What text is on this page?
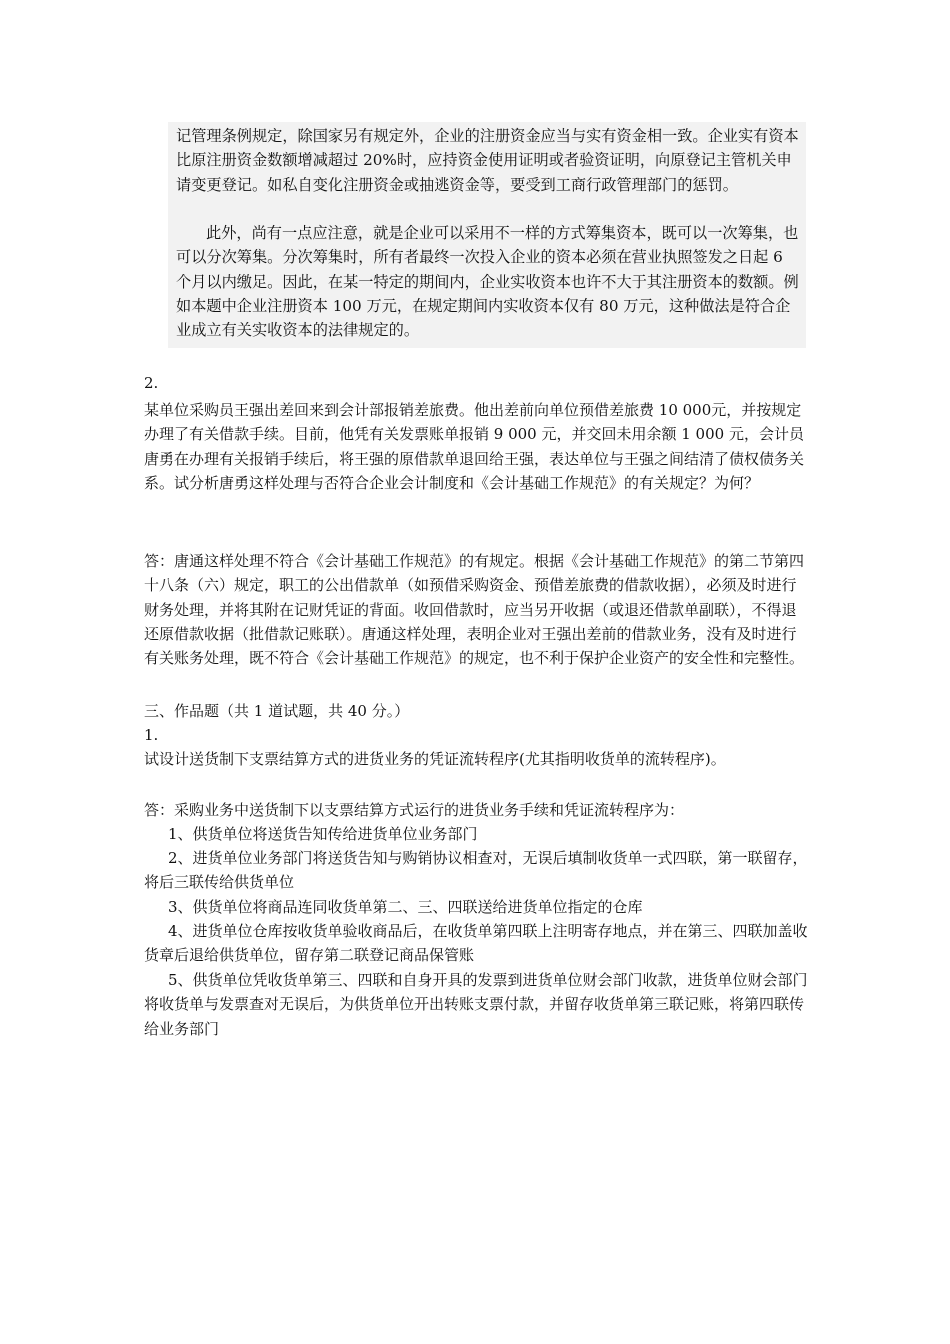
记管理条例规定，除国家另有规定外，企业的注册资金应当与实有资金相一致。企业实有资本比原注册资金数额增减超过 20%时，应持资金使用证明或者验资证明，向原登记主管机关申请变更登记。如私自变化注册资金或抽逃资金等，要受到工商行政管理部门的惩罚。

此外，尚有一点应注意，就是企业可以采用不一样的方式筹集资本，既可以一次筹集，也可以分次筹集。分次筹集时，所有者最终一次投入企业的资本必须在营业执照签发之日起 6 个月以内缴足。因此，在某一特定的期间内，企业实收资本也许不大于其注册资本的数额。例如本题中企业注册资本 100 万元，在规定期间内实收资本仅有 80 万元，这种做法是符合企业成立有关实收资本的法律规定的。

2.

某单位采购员王强出差回来到会计部报销差旅费。他出差前向单位预借差旅费 10 000元，并按规定办理了有关借款手续。目前，他凭有关发票账单报销 9 000 元，并交回未用余额 1 000 元，会计员唐勇在办理有关报销手续后，将王强的原借款单退回给王强，表达单位与王强之间结清了债权债务关系。试分析唐勇这样处理与否符合企业会计制度和《会计基础工作规范》的有关规定？为何？

答：唐通这样处理不符合《会计基础工作规范》的有规定。根据《会计基础工作规范》的第二节第四十八条（六）规定，职工的公出借款单（如预借采购资金、预借差旅费的借款收据），必须及时进行财务处理，并将其附在记财凭证的背面。收回借款时，应当另开收据（或退还借款单副联），不得退还原借款收据（批借款记账联）。唐通这样处理，表明企业对王强出差前的借款业务，没有及时进行有关账务处理，既不符合《会计基础工作规范》的规定，也不利于保护企业资产的安全性和完整性。

三、作品题（共 1 道试题，共 40 分。）

1.

试设计送货制下支票结算方式的进货业务的凭证流转程序(尤其指明收货单的流转程序)。

答：采购业务中送货制下以支票结算方式运行的进货业务手续和凭证流转程序为：

1、供货单位将送货告知传给进货单位业务部门

2、进货单位业务部门将送货告知与购销协议相查对，无误后填制收货单一式四联，第一联留存，将后三联传给供货单位

3、供货单位将商品连同收货单第二、三、四联送给进货单位指定的仓库

4、进货单位仓库按收货单验收商品后，在收货单第四联上注明寄存地点，并在第三、四联加盖收货章后退给供货单位，留存第二联登记商品保管账

5、供货单位凭收货单第三、四联和自身开具的发票到进货单位财会部门收款，进货单位财会部门将收货单与发票查对无误后，为供货单位开出转账支票付款，并留存收货单第三联记账，将第四联传给业务部门
